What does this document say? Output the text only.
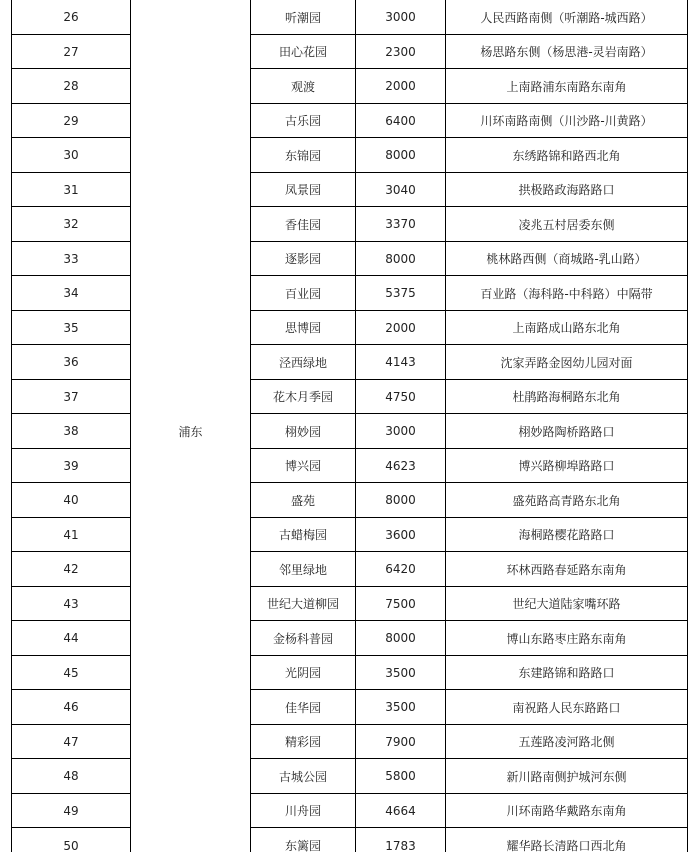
26	浦东	听潮园	3000	人民西路南侧（听潮路-城西路）
27		田心花园	2300	杨思路东侧（杨思港-灵岩南路）
28		观渡	2000	上南路浦东南路东南角
29		古乐园	6400	川环南路南侧（川沙路-川黄路）
30		东锦园	8000	东绣路锦和路西北角
31		凤景园	3040	拱极路政海路路口
32		香佳园	3370	凌兆五村居委东侧
33		逐影园	8000	桃林路西侧（商城路-乳山路）
34		百业园	5375	百业路（海科路-中科路）中隔带
35		思博园	2000	上南路成山路东北角
36		泾西绿地	4143	沈家弄路金囡幼儿园对面
37		花木月季园	4750	杜鹃路海桐路东北角
38		栩妙园	3000	栩妙路陶桥路路口
39		博兴园	4623	博兴路柳埠路路口
40		盛苑	8000	盛苑路高青路东北角
41		古蜡梅园	3600	海桐路樱花路路口
42		邻里绿地	6420	环林西路春延路东南角
43		世纪大道柳园	7500	世纪大道陆家嘴环路
44		金杨科普园	8000	博山东路枣庄路东南角
45		光阴园	3500	东建路锦和路路口
46		佳华园	3500	南祝路人民东路路口
47		精彩园	7900	五莲路凌河路北侧
48		古城公园	5800	新川路南侧护城河东侧
49		川舟园	4664	川环南路华戴路东南角
50		东篱园	1783	耀华路长清路口西北角
